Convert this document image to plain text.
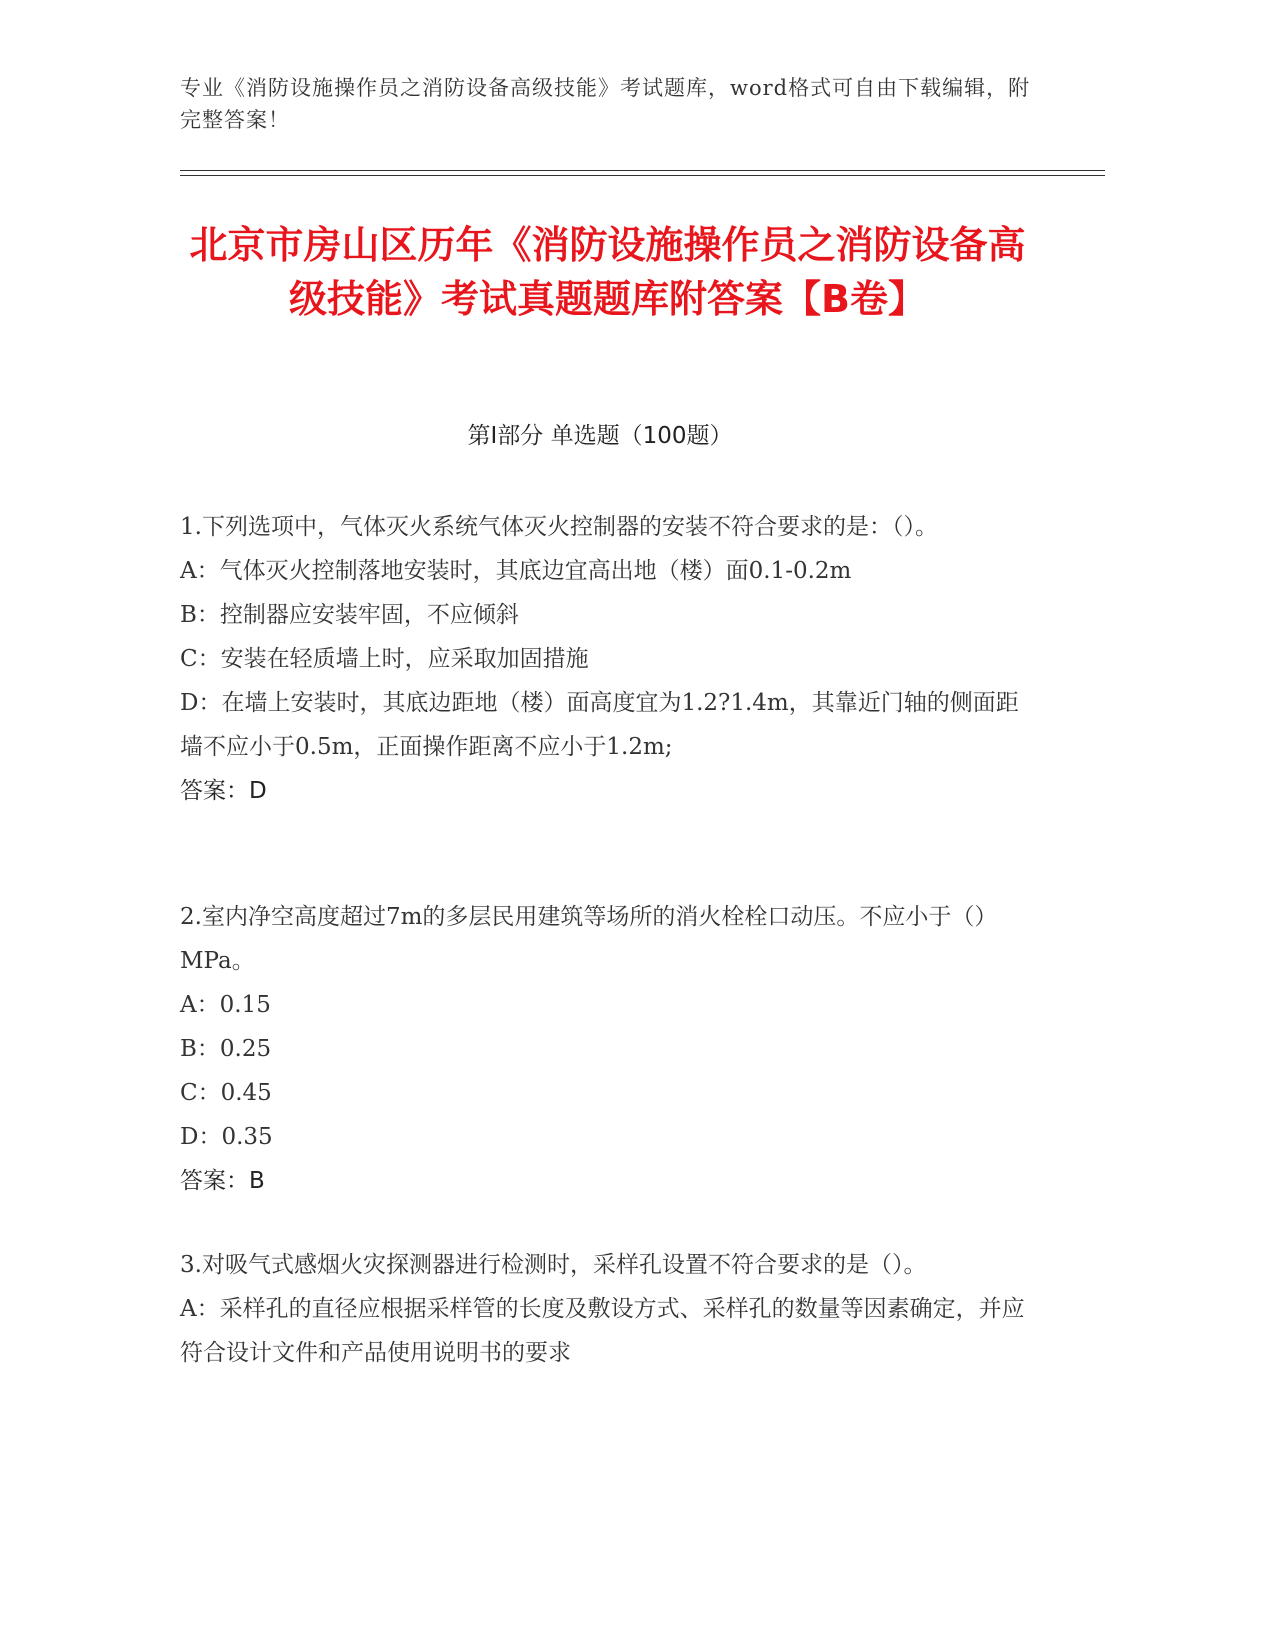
专业《消防设施操作员之消防设备高级技能》考试题库，word格式可自由下载编辑，附完整答案！
北京市房山区历年《消防设施操作员之消防设备高级技能》考试真题题库附答案【B卷】
第I部分 单选题（100题）
1.下列选项中，气体灭火系统气体灭火控制器的安装不符合要求的是：（）。
A：气体灭火控制落地安装时，其底边宜高出地（楼）面0.1-0.2m
B：控制器应安装牢固，不应倾斜
C：安装在轻质墙上时，应采取加固措施
D：在墙上安装时，其底边距地（楼）面高度宜为1.2?1.4m，其靠近门轴的侧面距墙不应小于0.5m，正面操作距离不应小于1.2m;
答案：D
2.室内净空高度超过7m的多层民用建筑等场所的消火栓栓口动压。不应小于（）MPa。
A：0.15
B：0.25
C：0.45
D：0.35
答案：B
3.对吸气式感烟火灾探测器进行检测时，采样孔设置不符合要求的是（）。
A：采样孔的直径应根据采样管的长度及敷设方式、采样孔的数量等因素确定，并应符合设计文件和产品使用说明书的要求
